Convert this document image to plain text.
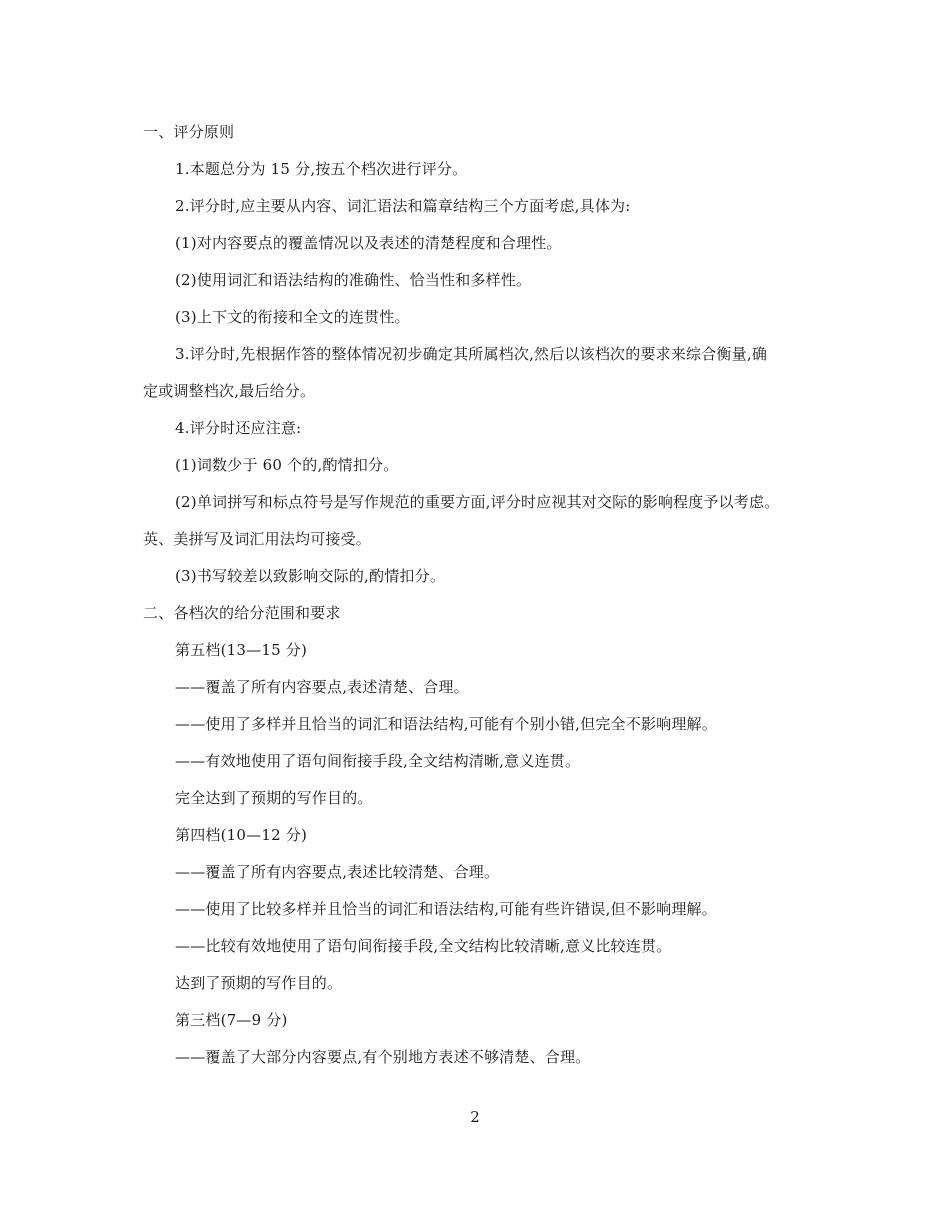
一、评分原则
1.本题总分为 15 分,按五个档次进行评分。
2.评分时,应主要从内容、词汇语法和篇章结构三个方面考虑,具体为:
(1)对内容要点的覆盖情况以及表述的清楚程度和合理性。
(2)使用词汇和语法结构的准确性、恰当性和多样性。
(3)上下文的衔接和全文的连贯性。
3.评分时,先根据作答的整体情况初步确定其所属档次,然后以该档次的要求来综合衡量,确
定或调整档次,最后给分。
4.评分时还应注意:
(1)词数少于 60 个的,酌情扣分。
(2)单词拼写和标点符号是写作规范的重要方面,评分时应视其对交际的影响程度予以考虑。
英、美拼写及词汇用法均可接受。
(3)书写较差以致影响交际的,酌情扣分。
二、各档次的给分范围和要求
第五档(13—15 分)
——覆盖了所有内容要点,表述清楚、合理。
——使用了多样并且恰当的词汇和语法结构,可能有个别小错,但完全不影响理解。
——有效地使用了语句间衔接手段,全文结构清晰,意义连贯。
完全达到了预期的写作目的。
第四档(10—12 分)
——覆盖了所有内容要点,表述比较清楚、合理。
——使用了比较多样并且恰当的词汇和语法结构,可能有些许错误,但不影响理解。
——比较有效地使用了语句间衔接手段,全文结构比较清晰,意义比较连贯。
达到了预期的写作目的。
第三档(7—9 分)
——覆盖了大部分内容要点,有个别地方表述不够清楚、合理。
2
